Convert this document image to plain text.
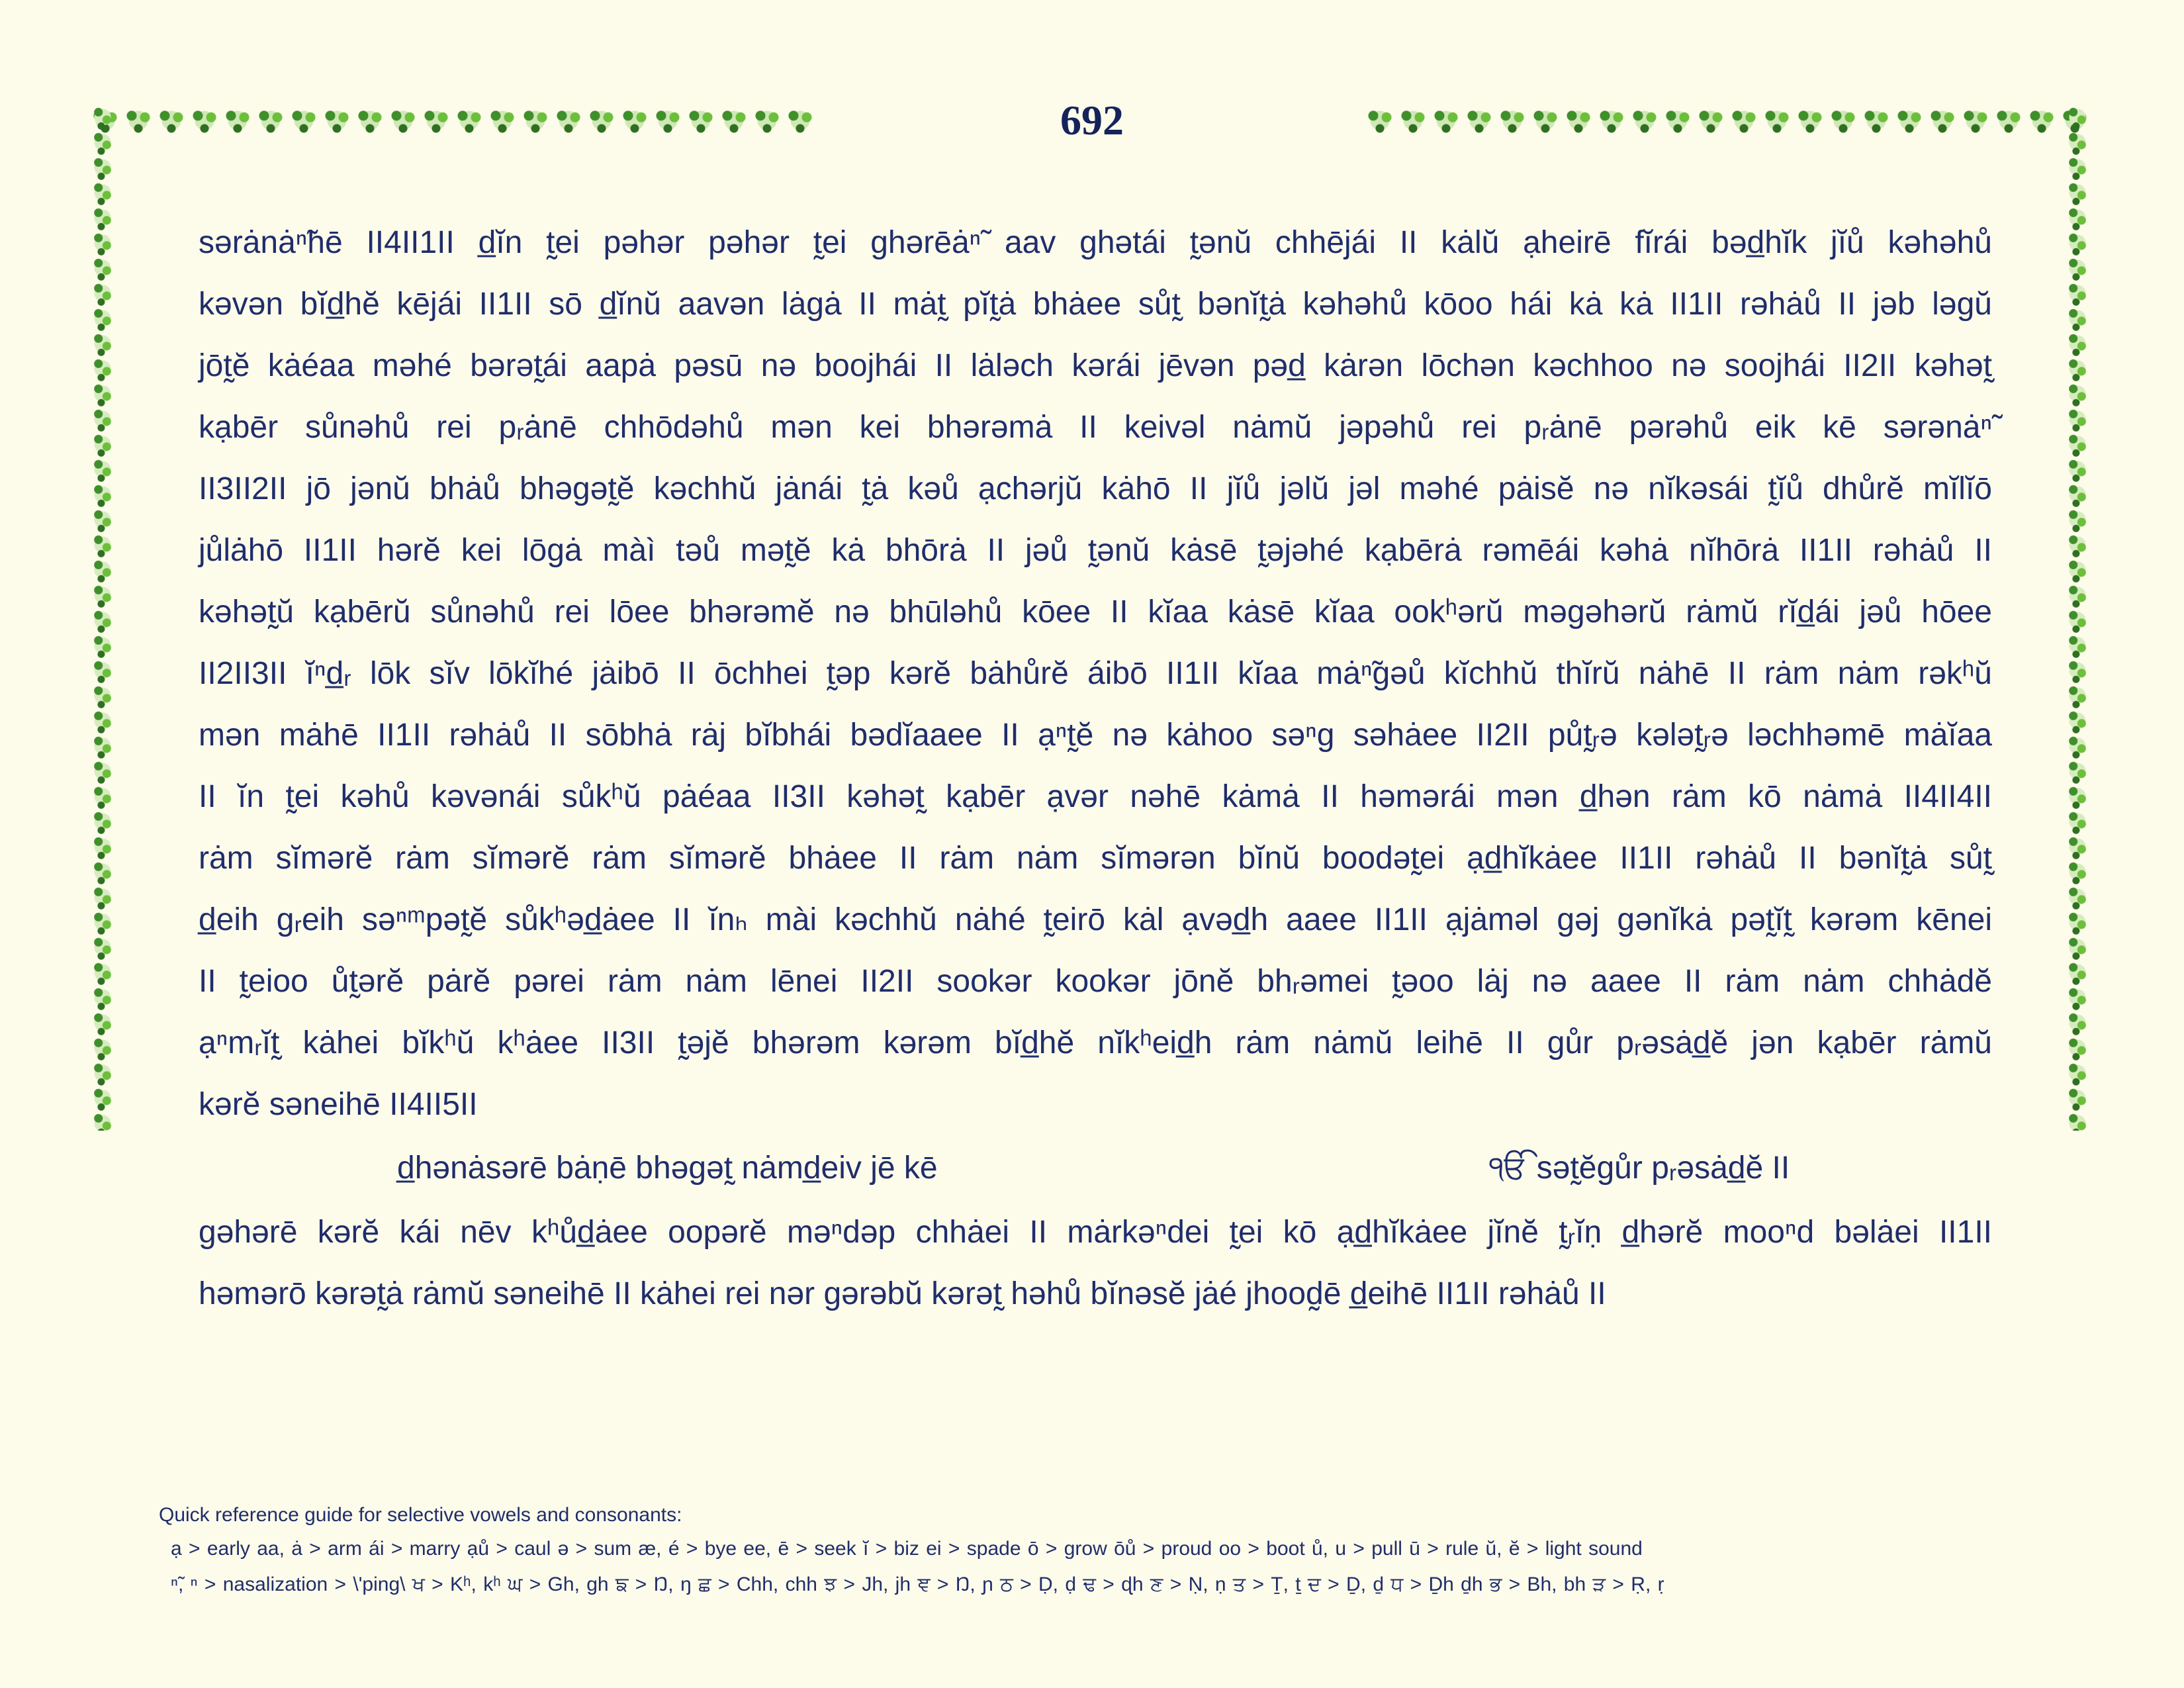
692
sərȧnȧⁿ̃hē II4II1II d̲ĭn t̰ei pəhər pəhər t̰ei ghərēȧⁿ̃ aav ghətái t̰ənŭ chhējái II kȧlŭ ạheirē fĭrái bəd̲hĭk jĭů kəhəhů
kəvən bĭd̲hĕ kējái II1II sō d̲ĭnŭ aavən lȧgȧ II mȧt̰ pĭt̰ȧ bhȧee sůt̰ bənĭt̰ȧ kəhəhů kōoo hái kȧ kȧ II1II rəhȧů II jəb ləgŭ
jōt̰ĕ kȧéaa məhé bərət̰ái aapȧ pəsū nə boojhái II lȧləch kərái jēvən pəd̲ kȧrən lōchən kəchhoo nə soojhái II2II kəhət̰
kạbēr sůnəhů rei pᵣȧnē chhōdəhů mən kei bhərəmȧ II keivəl nȧmŭ jəpəhů rei pᵣȧnē pərəhů eik kē sərənȧⁿ̃
II3II2II jō jənŭ bhȧů bhəgət̰ĕ kəchhŭ jȧnái t̰ȧ kəů ạchərjŭ kȧhō II jĭů jəlŭ jəl məhé pȧisĕ nə nĭkəsái t̰ĭů dhůrĕ mĭlĭō
jůlȧhō II1II hərĕ kei lōgȧ màì təů mət̰ĕ kȧ bhōrȧ II jəů t̰ənŭ kȧsē t̰əjəhé kạbērȧ rəmēái kəhȧ nĭhōrȧ II1II rəhȧů II
kəhət̰ŭ kạbērŭ sůnəhů rei lōee bhərəmĕ nə bhūləhů kōee II kĭaa kȧsē kĭaa ookʰərŭ məgəhərŭ rȧmŭ rĭd̲ái jəů hōee
II2II3II ĭⁿd̲ᵣ lōk sĭv lōkĭhé jȧibō II ōchhei t̰əp kərĕ bȧhůrĕ áibō II1II kĭaa mȧⁿ̃gəů kĭchhŭ thĭrŭ nȧhē II rȧm nȧm rəkʰŭ
mən mȧhē II1II rəhȧů II sōbhȧ rȧj bĭbhái bədĭaaee II ạⁿt̰ĕ nə kȧhoo səⁿg səhȧee II2II půt̰ᵣə kələt̰ᵣə ləchhəmē mȧĭaa
II ĭn t̰ei kəhů kəvənái sůkʰŭ pȧéaa II3II kəhət̰ kạbēr ạvər nəhē kȧmȧ II həmərái mən d̲hən rȧm kō nȧmȧ II4II4II
rȧm sĭmərĕ rȧm sĭmərĕ rȧm sĭmərĕ bhȧee II rȧm nȧm sĭmərən bĭnŭ boodət̰ei ạd̲hĭkȧee II1II rəhȧů II bənĭt̰ȧ sůt̰
d̲eih gᵣeih səⁿᵐpət̰ĕ sůkʰəd̲ȧee II ĭnₕ mài kəchhŭ nȧhé t̰eirō kȧl ạvəd̲h aaee II1II ạjȧməl gəj gənĭkȧ pət̰ĭt̰ kərəm kēnei
II t̰eioo ůt̰ərĕ pȧrĕ pərei rȧm nȧm lēnei II2II sookər kookər jōnĕ bhᵣəmei t̰əoo lȧj nə aaee II rȧm nȧm chhȧdĕ
ạⁿmᵣĭt̰ kȧhei bĭkʰŭ kʰȧee II3II t̰əjĕ bhərəm kərəm bĭd̲hĕ nĭkʰeid̲h rȧm nȧmŭ leihē II gůr pᵣəsȧd̲ĕ jən kạbēr rȧmŭ
kərĕ səneihē II4II5II
d̲hənȧsərē bȧṇē bhəgət̰ nȧmd̲eiv jē kē	ੴ sət̰ĕgůr pᵣəsȧd̲ĕ II
gəhərē kərĕ kái nēv kʰůd̲ȧee oopərĕ məⁿdəp chhȧei II mȧrkəⁿdei t̰ei kō ạd̲hĭkȧee jĭnĕ t̰ᵣĭṇ d̲hərĕ mooⁿd bəlȧei II1II
həmərō kərət̰ȧ rȧmŭ səneihē II kȧhei rei nər gərəbŭ kərət̰ həhů bĭnəsĕ jȧé jhood̰ē d̲eihē II1II rəhȧů II
Quick reference guide for selective vowels and consonants:
ạ > early aa, ȧ > arm ái > marry ạů > caul ə > sum æ, é > bye ee, ē > seek ĭ > biz ei > spade ō > grow ōů > proud oo > boot ů, u > pull ū > rule ŭ, ĕ > light sound
ⁿ̃, ⁿ > nasalization > \'ping\ ਖ > Kʰ, kʰ ਘ > Gh, gh ਙ > Ŋ, ŋ ਛ > Chh, chh ਝ > Jh, jh ਞ > Ŋ, ɲ ਠ > Ḍ, ḍ ਢ > ɖh ਣ > Ṇ, ṇ ਤ > Ṯ, ṯ ਦ > Ḏ, ḏ ਧ > Ḏh ḏh ਭ > Bh, bh ੜ > Ṛ, ṛ
